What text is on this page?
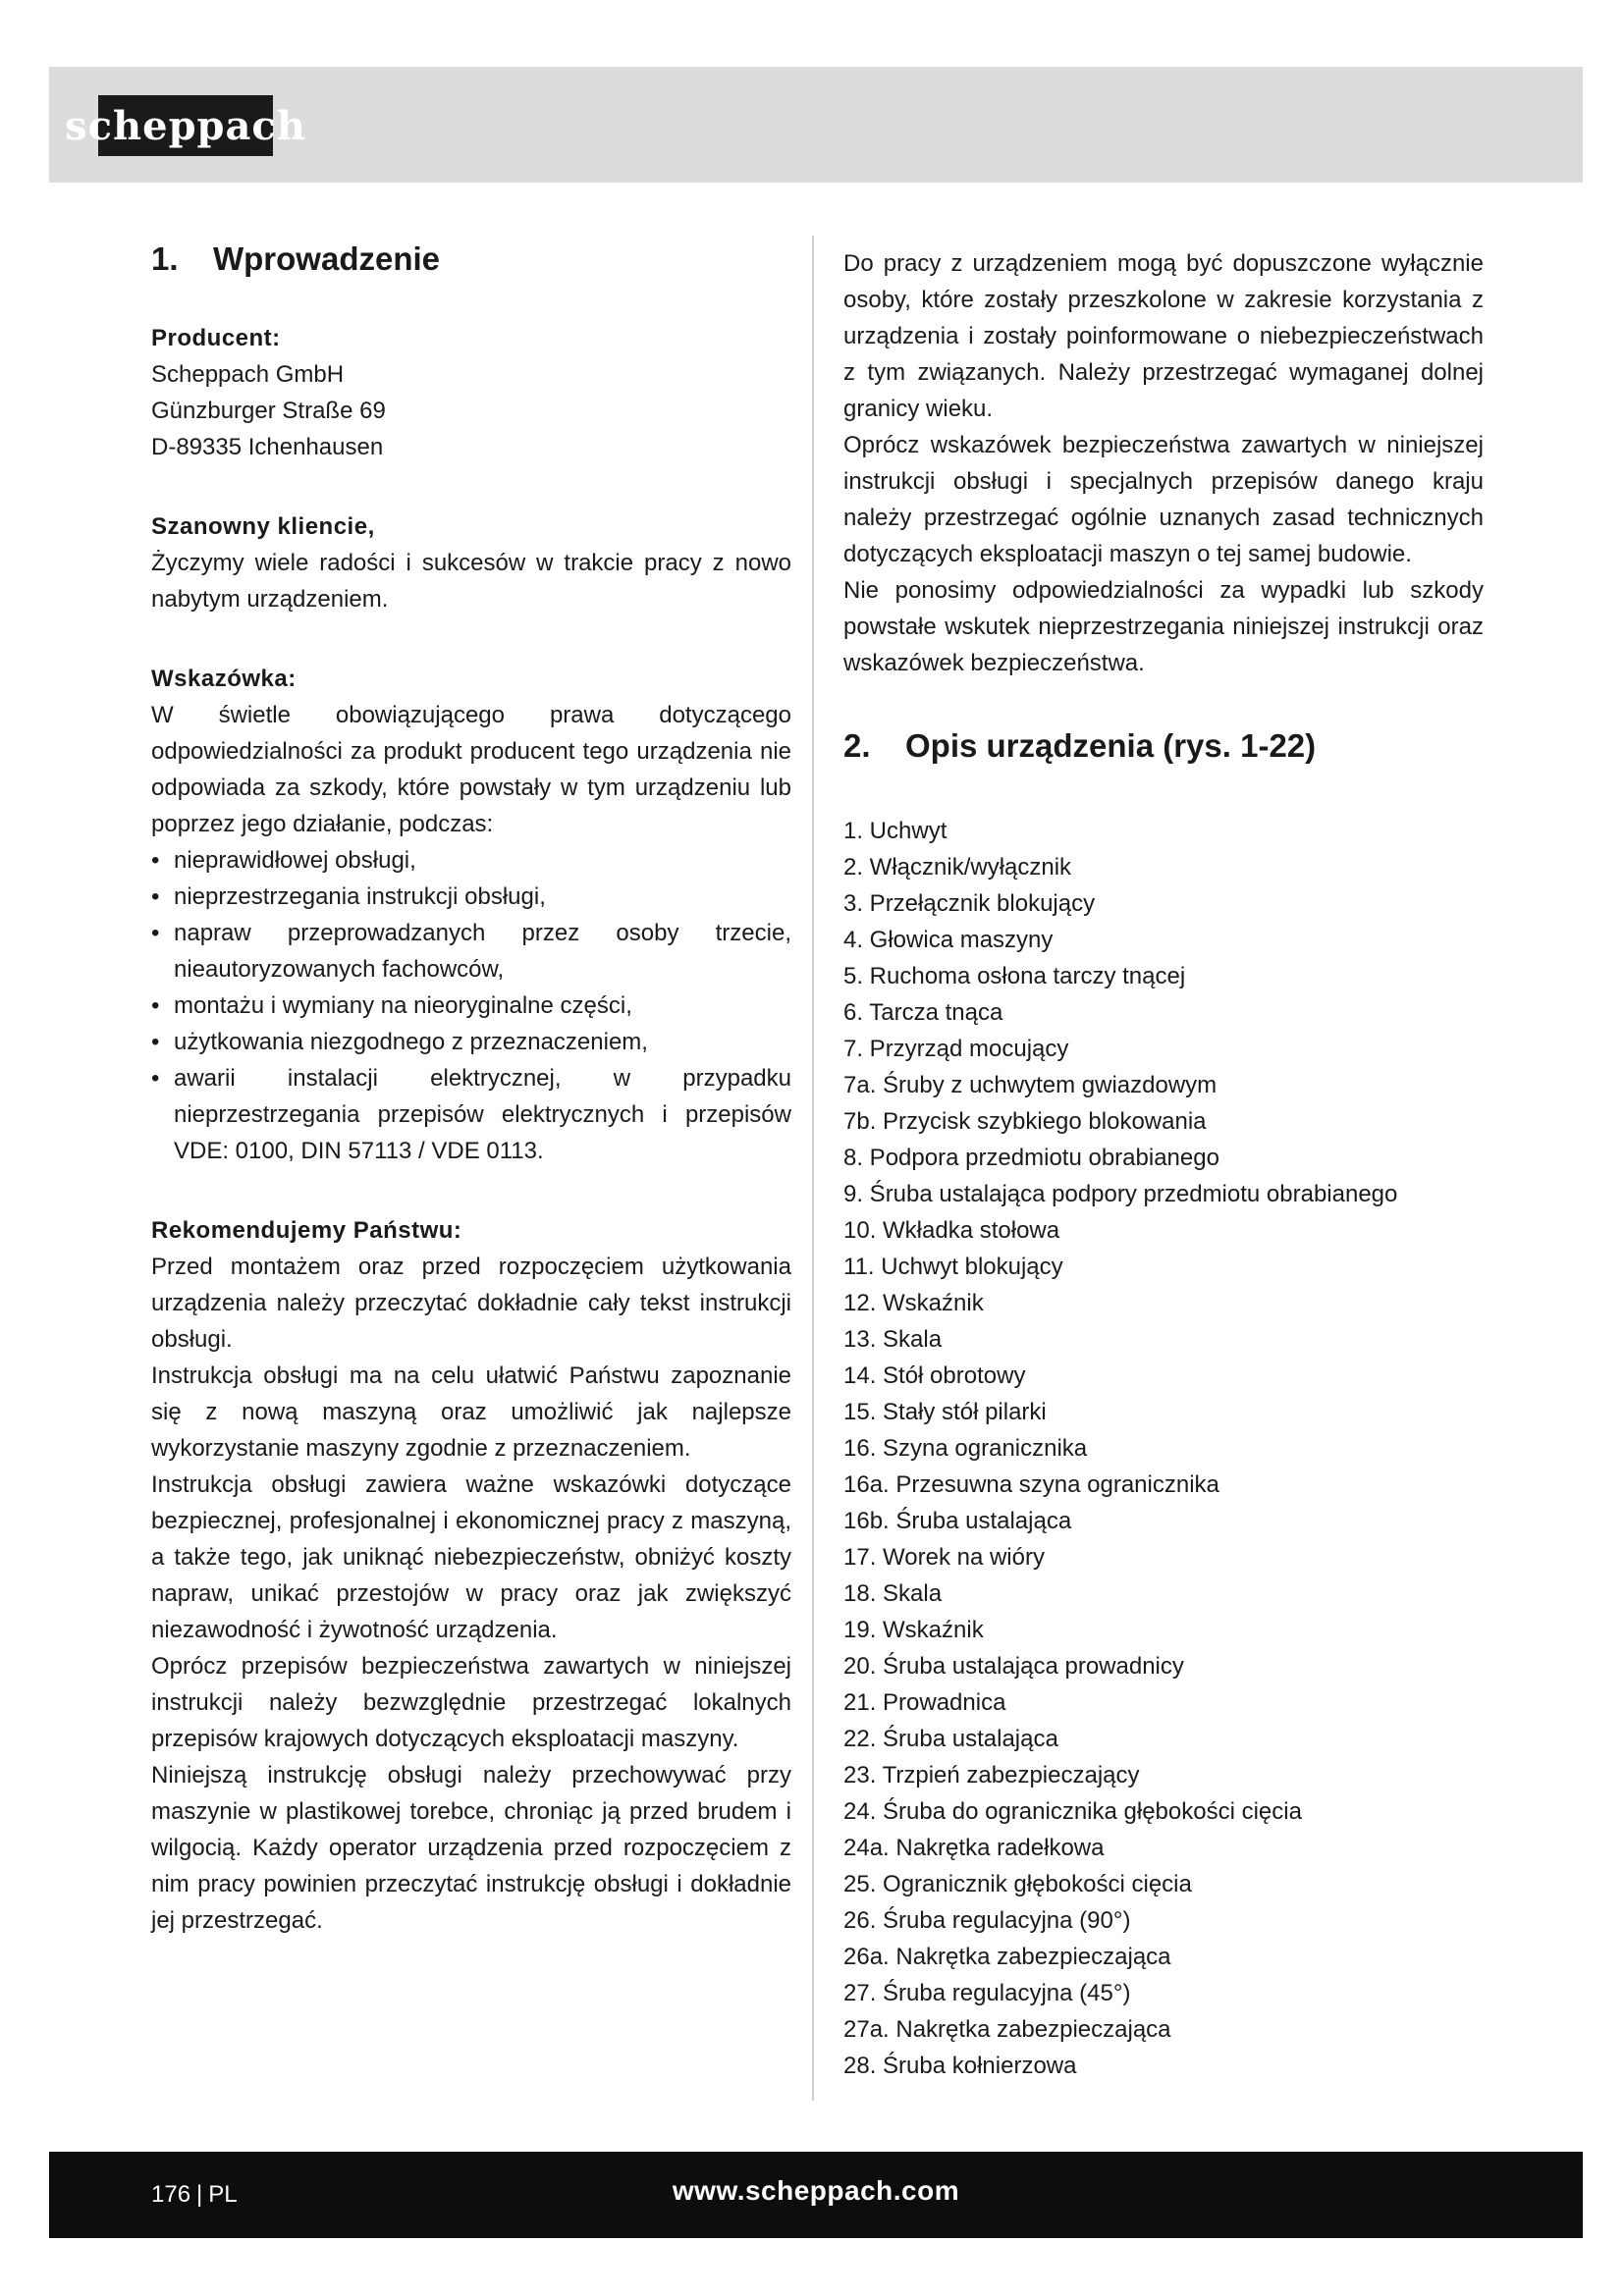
scheppach
1.	Wprowadzenie

Producent:

Scheppach GmbH
Günzburger Straße 69
D-89335 Ichenhausen

Szanowny kliencie,

Życzymy wiele radości i sukcesów w trakcie pracy z nowo nabytym urządzeniem.

Wskazówka:

W świetle obowiązującego prawa dotyczącego odpowiedzialności za produkt producent tego urządzenia nie odpowiada za szkody, które powstały w tym urządzeniu lub poprzez jego działanie, podczas:

• nieprawidłowej obsługi,
• nieprzestrzegania instrukcji obsługi,
• napraw przeprowadzanych przez osoby trzecie, nieautoryzowanych fachowców,
• montażu i wymiany na nieoryginalne części,
• użytkowania niezgodnego z przeznaczeniem,
• awarii instalacji elektrycznej, w przypadku nieprzestrzegania przepisów elektrycznych i przepisów VDE: 0100, DIN 57113 / VDE 0113.

Rekomendujemy Państwu:

Przed montażem oraz przed rozpoczęciem użytkowania urządzenia należy przeczytać dokładnie cały tekst instrukcji obsługi.

Instrukcja obsługi ma na celu ułatwić Państwu zapoznanie się z nową maszyną oraz umożliwić jak najlepsze wykorzystanie maszyny zgodnie z przeznaczeniem.

Instrukcja obsługi zawiera ważne wskazówki dotyczące bezpiecznej, profesjonalnej i ekonomicznej pracy z maszyną, a także tego, jak uniknąć niebezpieczeństw, obniżyć koszty napraw, unikać przestojów w pracy oraz jak zwiększyć niezawodność i żywotność urządzenia.

Oprócz przepisów bezpieczeństwa zawartych w niniejszej instrukcji należy bezwzględnie przestrzegać lokalnych przepisów krajowych dotyczących eksploatacji maszyny.

Niniejszą instrukcję obsługi należy przechowywać przy maszynie w plastikowej torebce, chroniąc ją przed brudem i wilgocią. Każdy operator urządzenia przed rozpoczęciem z nim pracy powinien przeczytać instrukcję obsługi i dokładnie jej przestrzegać.

Do pracy z urządzeniem mogą być dopuszczone wyłącznie osoby, które zostały przeszkolone w zakresie korzystania z urządzenia i zostały poinformowane o niebezpieczeństwach z tym związanych. Należy przestrzegać wymaganej dolnej granicy wieku.

Oprócz wskazówek bezpieczeństwa zawartych w niniejszej instrukcji obsługi i specjalnych przepisów danego kraju należy przestrzegać ogólnie uznanych zasad technicznych dotyczących eksploatacji maszyn o tej samej budowie.

Nie ponosimy odpowiedzialności za wypadki lub szkody powstałe wskutek nieprzestrzegania niniejszej instrukcji oraz wskazówek bezpieczeństwa.

2.	Opis urządzenia (rys. 1-22)
1. Uchwyt
2. Włącznik/wyłącznik
3. Przełącznik blokujący
4. Głowica maszyny
5. Ruchoma osłona tarczy tnącej
6. Tarcza tnąca
7. Przyrząd mocujący
7a. Śruby z uchwytem gwiazdowym
7b. Przycisk szybkiego blokowania
8. Podpora przedmiotu obrabianego
9. Śruba ustalająca podpory przedmiotu obrabianego
10. Wkładka stołowa
11. Uchwyt blokujący
12. Wskaźnik
13. Skala
14. Stół obrotowy
15. Stały stół pilarki
16. Szyna ogranicznika
16a. Przesuwna szyna ogranicznika
16b. Śruba ustalająca
17. Worek na wióry
18. Skala
19. Wskaźnik
20. Śruba ustalająca prowadnicy
21. Prowadnica
22. Śruba ustalająca
23. Trzpień zabezpieczający
24. Śruba do ogranicznika głębokości cięcia
24a. Nakrętka radełkowa
25. Ogranicznik głębokości cięcia
26. Śruba regulacyjna (90°)
26a. Nakrętka zabezpieczająca
27. Śruba regulacyjna (45°)
27a. Nakrętka zabezpieczająca
28. Śruba kołnierzowa
176 | PL	www.scheppach.com
